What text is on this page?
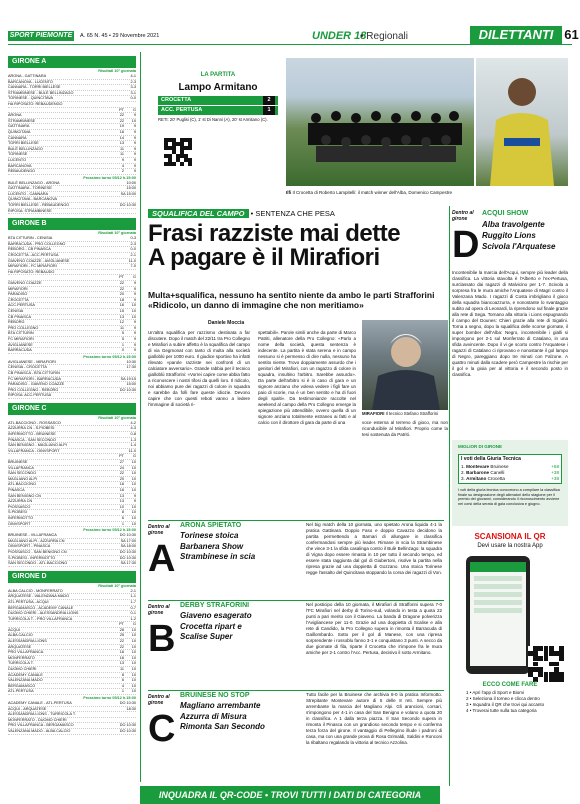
SPORT PIEMONTE	A. 65 N. 45 • 29 Novembre 2021	UNDER 18
• Regionali	DILETTANTI 61
GIRONE A
Risultati 10° giornata
ARONA - GATTINARA	4-1
BARCANOVA - LUCENTO	2-3
CANNARA - TORRI BIELLESE	3-3
STRAMBINESE - BULÈ BELLINZAGO	3-1
TORINESE - QUINCITAVA	0-0
HA RIPOSATO: REBAUDENGO
PT	G
ARONA	22	9
STRAMBINESE	22	10
GATTINARA	19	9
QUINCITAVA	16	9
CANNARA	14	9
TORRI BIELLESE	13	9
BULÈ BELLINZAGO	11	9
TORINESE	11	9
LUCENTO	9	9
BARCANOVA	4	9
REBAUDENGO	2	9
Prossimo turno 05/12 h.15:00
BULÈ BELLINZAGO - ARONA	10:00
GATTINARA - TORINESE	15:00
LUCENTO - CANNARA	SA 15:00
QUINCITAVA - BARCANOVA
TORRI BIELLESE - REBAUDENGO	DO 10:30
RIPOSA: STRAMBINESE
GIRONE B
Risultati 10° giornata
BTA CITTURIN - CENISIA	0-3
BARRACUDA - PRO COLLEGNO	2-3
REBORG - CB PINASCA	0-0
CROCETTA - ACC.PERTUSA	2-1
GIAVENO COAZZE - AVIGLIANESE	11-0
MIRAFIORI - FC MIRAFIORI	7-0
HA RIPOSATO: REBAUDO
PT	G
GIAVENO COAZZE	22	9
MIRAFIORI	22	9
PARADISO	20	9
CROCETTA	18	9
ACC.PERTUSA	16	10
CENISIA	15	10
CB PINASCA	13	10
REBORG	12	9
PRO COLLEGNO	11	9
BTA CITTURIN	5	9
FC MIRAFIORI	5	9
AVIGLIANESE	1	9
BARRACUDA	0	9
Prossimo turno 05/12 h.15:00
AVIGLIANESE - MIRAFIORI	10:30
CENISIA - CROCETTA	17:30
CB PINASCA - BTA CITTURIN
FC MIRAFIORI - BARRACUDA	SA 19:15
PARADISO - GIAVENO COAZZE	15:00
PRO COLLEGNO - REBORG	DO 10:30
RIPOSA: ACC.PERTUSA
GIRONE C
Risultati 10° giornata
ATL.BACCIONO - ROSSASCO	4-2
AZZURRA CN - S.PIOBESI	4-3
INFERMOTTO - BRUINESE	0-8
PINASCA - SAN SECONDO	1-3
SAN BENIGNO - MAGLIANO ALPI	1-4
VILLAFRANCA - OINVSPORT	11-0
PT	G
BRUINESE	27	10
VILLAFRANCA	24	10
SAN SECONDO	22	10
MAGLIANO ALPI	20	10
ATL.BACCIONO	16	10
PINASCA	16	10
SAN BENIGNO CN	13	9
AZZURRA CN	13	9
PIOSSASCO	10	10
S.PIOBESI	8	10
INFERMOTTO	6	10
OINVSPORT	1	10
Prossimo turno 05/12 h.15:00
BRUINESE - VILLAFRANCA	DO 10:30
MAGLIANO ALPI - AZZURRA CN	SA 17:00
OINVSPORT - PINASCA	SA 18:00
PIOSSASCO - SAN BENIGNO CN	DO 10:30
S.PIOBESI - INFERMOTTO	DO 10:30
SAN SECONDO - ATL.BACCIONO	SA 17:30
GIRONE D
Risultati 10° giornata
ALBA CALCIO - MONFERRATO	2-1
ARQUATESE - VALENZANA MADO	1-1
ATL.PERTUSA - ACQUI	1-7
BERGAMASCO - ACADEMY CANALE	0-7
DUOMO CHIERI - ALESSANDRIA LIONS	0-1
TURRICOLA T. - PRO VILLAFRANCA	1-2
PT	G
ACQUI	28	10
ALBA CALCIO	25	10
ALESSANDRIA LIONS	22	10
ARQUATESE	22	10
PRO VILLAFRANCA	16	10
MONFERRATO	16	10
TURRICOLA T.	13	10
DUOMO CHIERI	11	10
ACADEMY CANALE	8	10
VALENZANA MADO	6	10
BERGAMASCO	4	10
ATL.PERTUSA	1	10
Prossimo turno 05/12 h.15:00
ACADEMY CANALE - ATL.PERTUSA	DO 10:30
ACQUI - ARQUATESE	18:30
ALESSANDRIA LIONS - TURRICOLA T.
MONFERRATO - DUOMO CHIERI
PRO VILLAFRANCA - BERGAMASCO	DO 10:30
VALENZANA MADO - ALBA CALCIO	DO 10:30
LA PARTITA
Lampo Armitano
CROCETTA	2
ACC. PERTUSA	1
RETI: 20' Puglisi (C), 1' st Di Nanni (A), 20' st Armitano (C).
Ilfi Il Crocetta di Roberto Lampitelli: il match winner dell'Alba, Domenico Campestre
SQUALIFICA DEL CAMPO • SENTENZA CHE PESA
Frasi razziste mai dette
A pagare è il Mirafiori
Multa+squalifica, nessuno ha sentito niente da ambo le parti Strafforini «Ridicolo, un danno di immagine che non meritiamo»
Daniele Moccia
Un'altra squalifica per razzismo destinata a far discutere. Dopo il match del 22/11 tra Pro Collegno e Mirafiori a subire affetto è la squalifica del campo di via Gegmonat con tanto di multa alla società gialloblù per 1000 euro. Il giudice sportivo ha infatti rilevato «parole razziste nei confronti di un calciatore avversario». Grande rabbia per il tecnico gialloblù Strafforini: «Vorrei capire come abbia fatto a riconoscere i nostri tifosi da quelli loro. Il ridicolo, noi abbiamo pure dei ragazzi di colore in squadra e sarebbe da folli fare queste idiozie. Devono capire che con questi reboti vanno a ledere l'immagine di società ri-
spettabili». Parole simili anche da parte di Marco Patriti, allenatore della Pro Collegno: «Parlo a nome della società, questa sentenza è indecente. La partita è stata serena e in campo nessuno si è permesso di dire nulla, nessuno ha sentito niente. Trovo doppiamente assurdo che i genitori del Mirafiori, con un ragazzo di colore in squadra, insultino l'arbitro. Sarebbe assurdo». Da parte dell'arbitro si è in caso di gara e un signore anziano che voleva vedere i figli fare un paio di scorie, ma è un ben sentito e ha di fuori degli spalti». Da testimonianze raccolte nel weekend al campo della Pro Collegno emerge la spiegazione più attendibile, ovvero quella di un signore anziano totalmente estraneo ai fatti e al calcio con il dirottore di gara da parte di una
MIRAFIORI Il tecnico Stefano Strafforini
voce esterna al terreno di gioco, ma non riconducibile al Mirafiori. Proprio come la tesi sostenuta da Patriti.
Dentro al girone
D
ACQUI SHOW
Alba travolgente
Ruggito Lions
Scivola l'Arquatese
Inconteniblie la marcia dell'Acqui, sempre più leader della classifica. La vittoria stavolta è l'Alberto e l'ex-Pertusa, surclassato dai ragazzi di Malvicino per 1-7. Scivola a sorpresa fra le mura amiche l'Arquatese di Magri contro il Valenzana Mado. I ragazzi di Costa imbrigliano il gioco della squadra biancoazzurra, e nonostante lo svantaggio subito ad opera di Leonardi, la riprendono sul finale grazie alla rete di Sega. Tornano alla vittoria i Lions espugnando il campo del Dounes: Chieri grazie alla rete di Sigalini. Torna a segno, dopo la squalifica delle scorse giornate, il super bomber dell'Alba: Negro, incontenibile i gialli si impongono per 2-1 sul Monferrato di Catalano, in una sfida avvincente. Dopo il vi ge scorto contro l'Arquatese i ragazzi di Catalano ci riprovano e nonostante il gol lampo di Negro, pareggiano dopo tre minuti con Falzone. A quattro minuti dalla scadere però Campestre la rischie per il gol e la gioia per al vittoria e il secondo posto in classifica.
MIGLIOR DI GIRONE
I voti della Giuria Tecnica
1. Montevare Bruinese	+58
2. Barbarone Canelli	+38
3. Armitano Crocetta	+38
I voti della giuria tecnica concorrono a compilare la classifica finale su designazione degli allenatori dello stagione per il premio dei giovanni, considerando il riconoscimento avviene nei corsi della serata di gala conclusiva e giugno.
SCANSIONA IL QR
Devi usare la nostra App
ECCO COME FARE
1 • Apri l'app di Sport e Biomi
2 • Seleziona il torneo e clicca dentro
3 • Inquadra il QR che trovi qui accanto
4 • Troverai tutte sulla tua categoria
Dentro al girone
A
ARONA SPIETATO
Torinese stoica
Barbanera Show
Strambinese in scia
Nel big match della 10 giornata, uno spietato Arona liquida 4-1 la pratica Gattinara. Doppio Faso e doppio Cavazzo decidono la partita permettendo a Barnari di allungare in classifica confermandosi sempre più leader. Rimane in scia la Strambinese che vince 3-1 la sfida casalinga contro il Bulè Bellinzago: la squadra di Vigna dopo essere rimasta in 10 per tutto il secondo tempo, ed essere stata raggiunta dal gol di Giubertoni, risolve la partita nella ripresa grazie ad una doppietta di Gozzano. Una stoica Torinese regge l'assalto del Quincitava stoppando la corsa dei ragazzi di Von.
Dentro al girone
B
DERBY STRAFORINI
Giaveno esagerato
Crocetta ripart e
Scalise Super
Nel posticipo della 10 giornata, il Mirafiori di Strafforini supera 7-0 l'FC Mirafiori nel derby di Torino-sud, volando in testa a quota 22 punti a pari merito con il Giaveno. La banda di Dragone polverizza l'Avigliancese per 11-0. Grazie ad una doppietta di Scalise e alla rete di Candido, la Pro Collegno supera in rimonta il Barracuda di Gaillombardo. Sotto per il gol di Manese, con una ripresa sorprendente i rossoblu fanno 3-1 e conquistano 3 punti. A secco da due giornate di fila, riparte il Crocetta che s'impone fra le mura amiche per 2-1 contro l'Acc. Pertusa, decisivo il sotto Armitano.
Dentro al girone
C
BRUINESE NO STOP
Magliano arrembante
Azzurra di Misura
Rimonta San Secondo
Tutto facile per la Bruinese che archivia 8-0 la pratica Informotto. Strepitante Montevare autore di 5 delle 8 reti. Sempre più arrembante la marcia del Magliano Alpi. Gli arancioni, corsari, s'impongono per 4-1 in casa del San Benigno e volano a quota 20 in classifica. A 1 dalla terza piazza. Il San Secondo supera in rimonta il Pinasca con un grandioso secondo tempo e si conferma terza forza del girone. Il vantaggio di Pellegrino illude i padroni di casa, ma con una grande prova di Rosa Grimaldi, Saldini e Ronconi la ribaltano regalando la vittoria al tecnico Azzolina.
INQUADRA IL QR-CODE • TROVI TUTTI I DATI DI CATEGORIA
